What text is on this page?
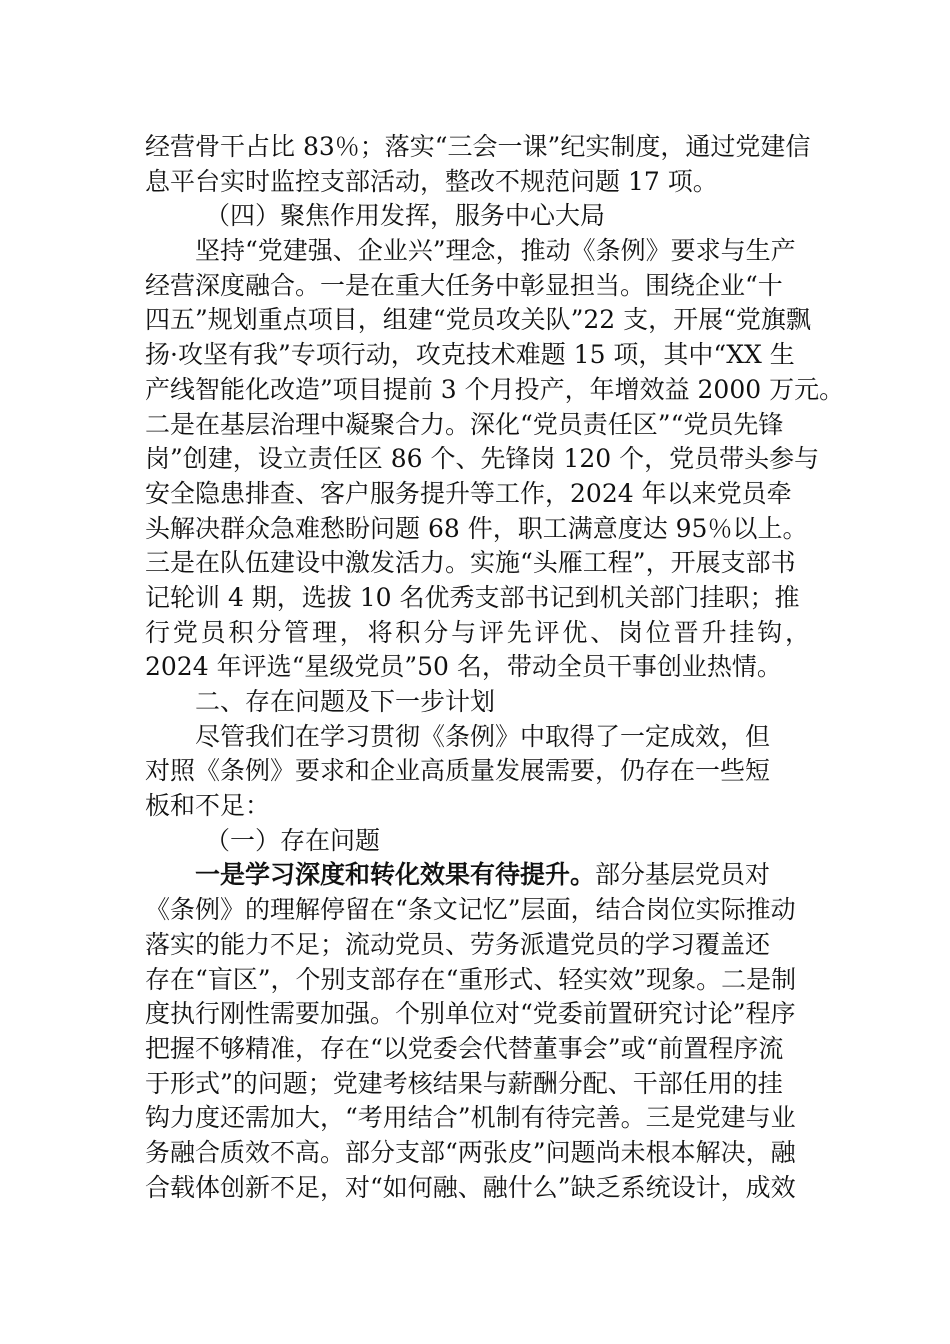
经营骨干占比 83％；落实“三会一课”纪实制度，通过党建信
息平台实时监控支部活动，整改不规范问题 17 项。
（四）聚焦作用发挥，服务中心大局
坚持“党建强、企业兴”理念，推动《条例》要求与生产
经营深度融合。一是在重大任务中彰显担当。围绕企业“十
四五”规划重点项目，组建“党员攻关队”22 支，开展“党旗飘
扬·攻坚有我”专项行动，攻克技术难题 15 项，其中“XX 生
产线智能化改造”项目提前 3 个月投产，年增效益 2000 万元。
二是在基层治理中凝聚合力。深化“党员责任区”“党员先锋
岗”创建，设立责任区 86 个、先锋岗 120 个，党员带头参与
安全隐患排查、客户服务提升等工作，2024 年以来党员牵
头解决群众急难愁盼问题 68 件，职工满意度达 95％以上。
三是在队伍建设中激发活力。实施“头雁工程”，开展支部书
记轮训 4 期，选拔 10 名优秀支部书记到机关部门挂职；推
行党员积分管理，将积分与评先评优、岗位晋升挂钩，
2024 年评选“星级党员”50 名，带动全员干事创业热情。
二、存在问题及下一步计划
尽管我们在学习贯彻《条例》中取得了一定成效，但
对照《条例》要求和企业高质量发展需要，仍存在一些短
板和不足：
（一）存在问题
一是学习深度和转化效果有待提升。部分基层党员对
《条例》的理解停留在“条文记忆”层面，结合岗位实际推动
落实的能力不足；流动党员、劳务派遣党员的学习覆盖还
存在“盲区”，个别支部存在“重形式、轻实效”现象。二是制
度执行刚性需要加强。个别单位对“党委前置研究讨论”程序
把握不够精准，存在“以党委会代替董事会”或“前置程序流
于形式”的问题；党建考核结果与薪酬分配、干部任用的挂
钩力度还需加大，“考用结合”机制有待完善。三是党建与业
务融合质效不高。部分支部“两张皮”问题尚未根本解决，融
合载体创新不足，对“如何融、融什么”缺乏系统设计，成效
